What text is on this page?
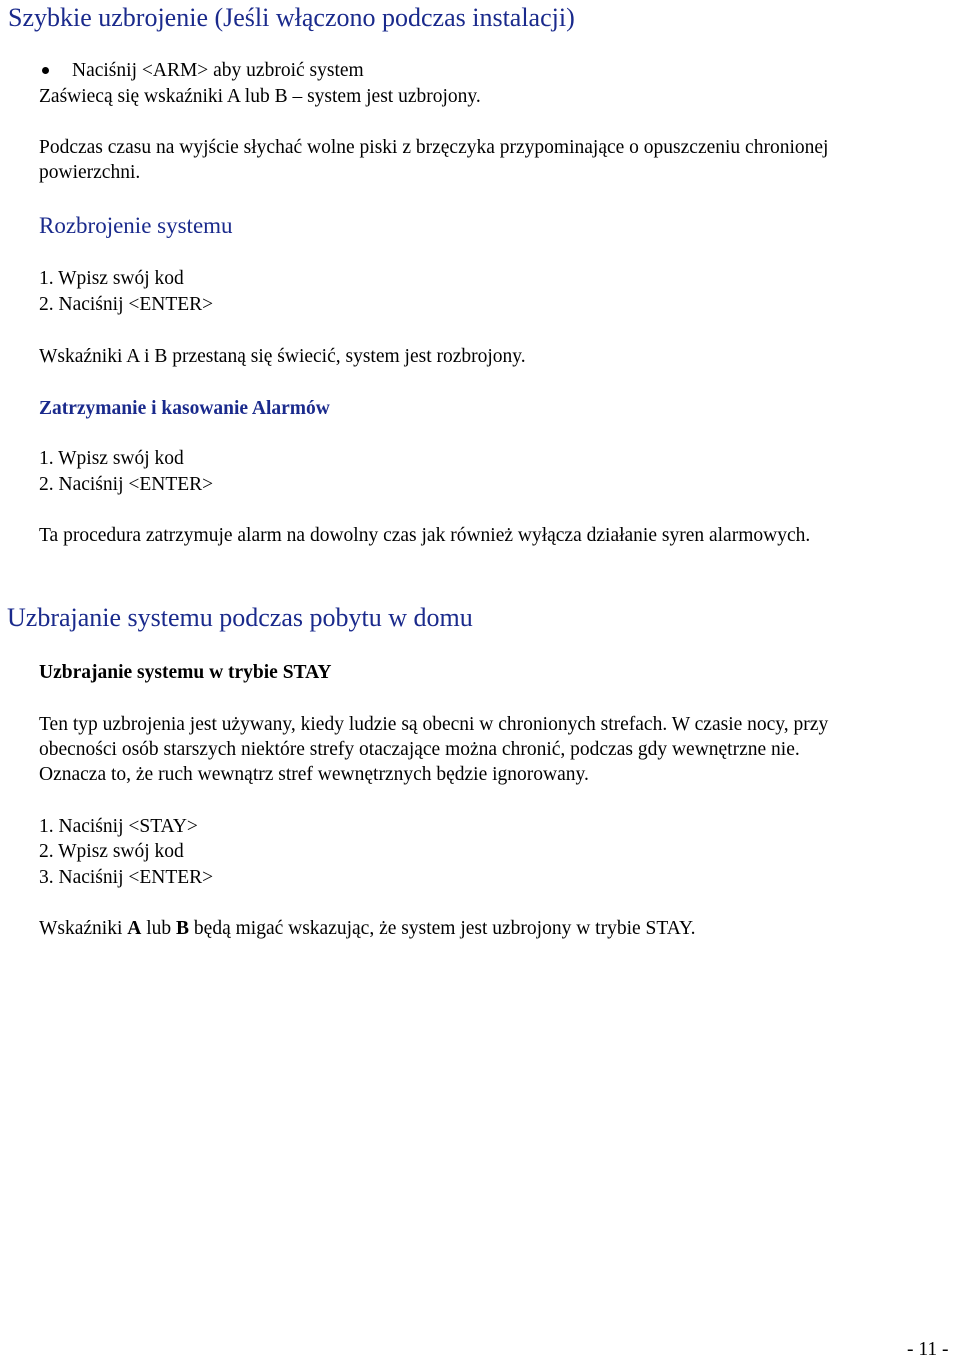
Szybkie uzbrojenie (Jeśli włączono podczas instalacji)
Naciśnij <ARM> aby uzbroić system
Zaświecą się wskaźniki A lub B – system jest uzbrojony.
Podczas czasu na wyjście słychać wolne piski z brzęczyka przypominające o opuszczeniu chronionej
powierzchni.
Rozbrojenie systemu
1. Wpisz swój kod
2. Naciśnij <ENTER>
Wskaźniki A i B przestaną się świecić, system jest rozbrojony.
Zatrzymanie i kasowanie Alarmów
1. Wpisz swój kod
2. Naciśnij <ENTER>
Ta procedura zatrzymuje alarm na dowolny czas jak również wyłącza działanie syren alarmowych.
Uzbrajanie systemu podczas pobytu w domu
Uzbrajanie systemu w trybie STAY
Ten typ uzbrojenia jest używany, kiedy ludzie są obecni w chronionych strefach. W czasie nocy, przy
obecności osób starszych niektóre strefy otaczające można chronić, podczas gdy wewnętrzne nie.
Oznacza to, że ruch wewnątrz stref wewnętrznych będzie ignorowany.
1. Naciśnij <STAY>
2. Wpisz swój kod
3. Naciśnij <ENTER>
Wskaźniki A lub B będą migać wskazując, że system jest uzbrojony w trybie STAY.
- 11 -
